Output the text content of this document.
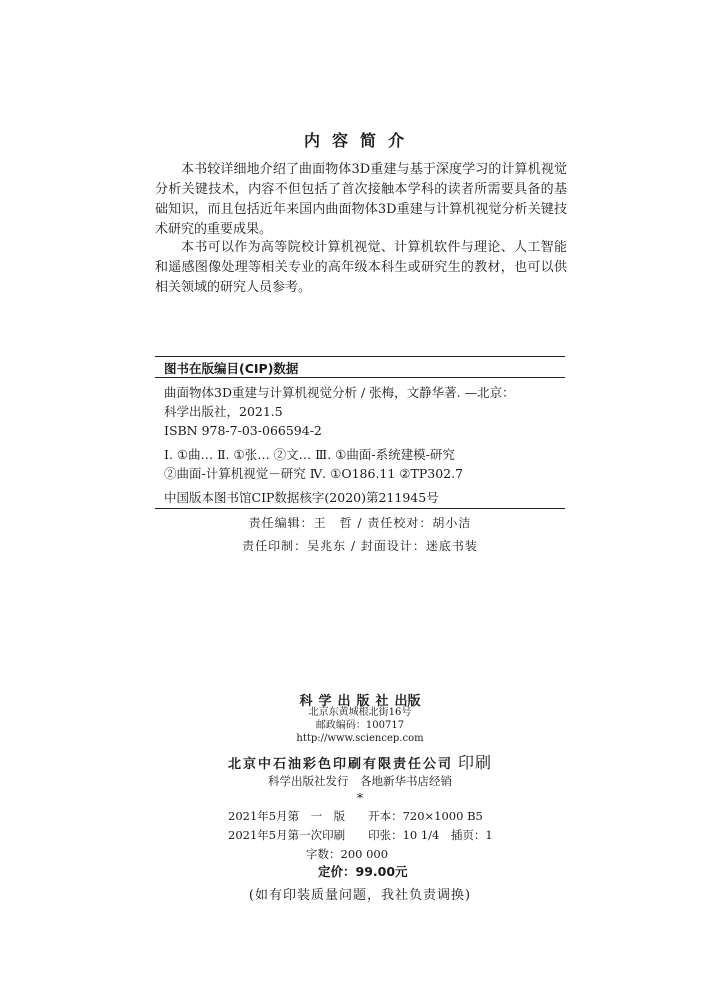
内容简介
本书较详细地介绍了曲面物体3D重建与基于深度学习的计算机视觉分析关键技术，内容不但包括了首次接触本学科的读者所需要具备的基础知识，而且包括近年来国内曲面物体3D重建与计算机视觉分析关键技术研究的重要成果。
本书可以作为高等院校计算机视觉、计算机软件与理论、人工智能和遥感图像处理等相关专业的高年级本科生或研究生的教材，也可以供相关领域的研究人员参考。
图书在版编目(CIP)数据
曲面物体3D重建与计算机视觉分析 / 张梅，文静华著. —北京：
科学出版社，2021.5
ISBN 978-7-03-066594-2
Ⅰ. ①曲… Ⅱ. ①张… ②文… Ⅲ. ①曲面-系统建模-研究
②曲面-计算机视觉－研究 Ⅳ. ①O186.11 ②TP302.7
中国版本图书馆CIP数据核字(2020)第211945号
责任编辑：王　哲 / 责任校对：胡小洁
责任印制：吴兆东 / 封面设计：迷底书装
科学出版社出版
北京东黄城根北街16号
邮政编码：100717
http://www.sciencep.com
北京中石油彩色印刷有限责任公司 印刷
科学出版社发行　各地新华书店经销
*
2021年5月第　一　版　　开本：720×1000 B5
2021年5月第一次印刷　　印张：10 1/4　插页：1
字数：200 000
定价：99.00元
(如有印装质量问题，我社负责调换)
